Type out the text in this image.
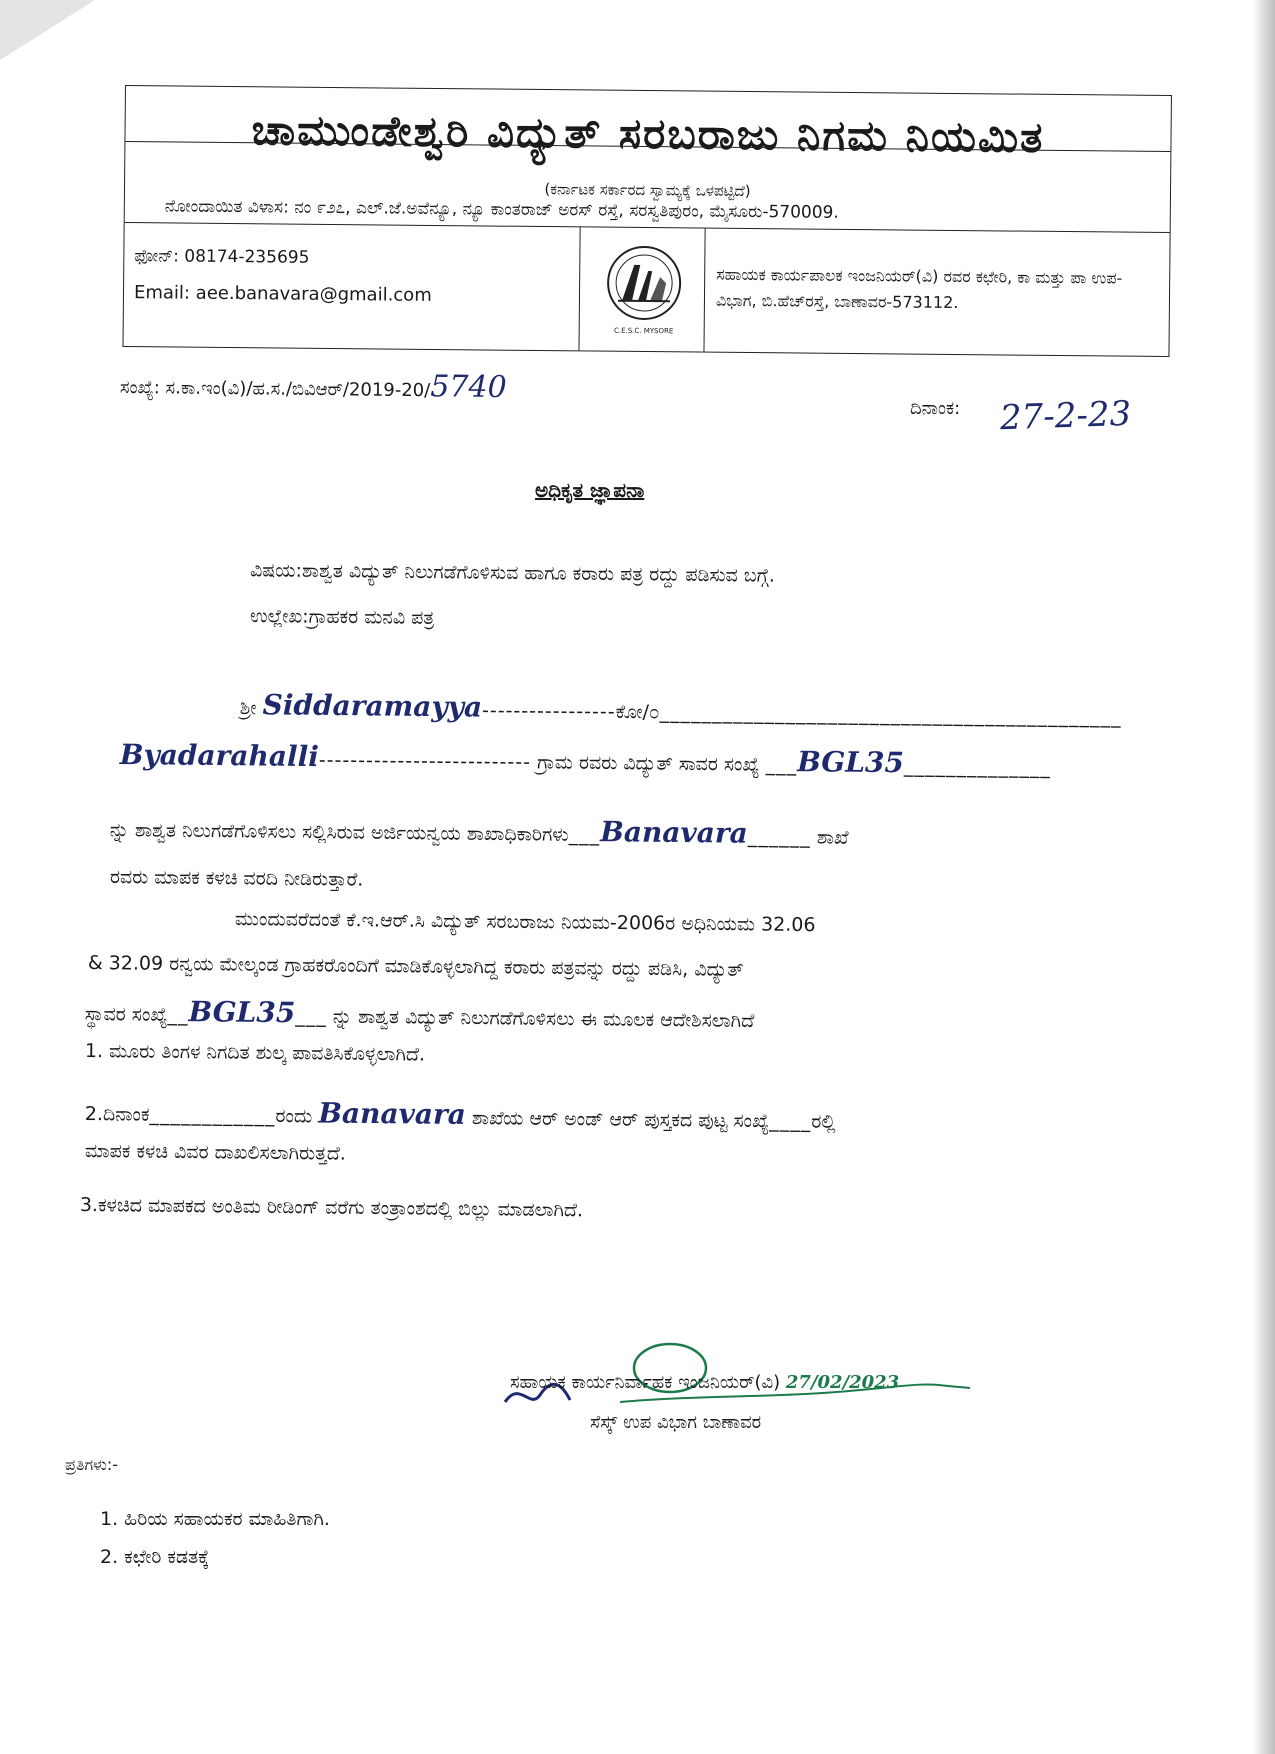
ಚಾಮುಂಡೇಶ್ವರಿ ವಿದ್ಯುತ್ ಸರಬರಾಜು ನಿಗಮ ನಿಯಮಿತ
(ಕರ್ನಾಟಕ ಸರ್ಕಾರದ ಸ್ವಾಮ್ಯಕ್ಕೆ ಒಳಪಟ್ಟಿದೆ)
ನೋಂದಾಯಿತ ವಿಳಾಸ: ನಂ ೯೨೭, ಎಲ್.ಜೆ.ಅವೆನ್ಯೂ, ನ್ಯೂ ಕಾಂತರಾಜ್ ಅರಸ್ ರಸ್ತೆ, ಸರಸ್ವತಿಪುರಂ, ಮೈಸೂರು-570009.
ಫೋನ್: 08174-235695
Email: aee.banavara@gmail.com
C.E.S.C. MYSORE
ಸಹಾಯಕ ಕಾರ್ಯಪಾಲಕ ಇಂಜನಿಯರ್(ವಿ) ರವರ ಕಛೇರಿ, ಕಾ ಮತ್ತು ಪಾ ಉಪ-ವಿಭಾಗ, ಬಿ.ಹೆಚ್‌ರಸ್ತೆ, ಬಾಣಾವರ-573112.
ಸಂಖ್ಯೆ: ಸ.ಕಾ.ಇಂ(ವಿ)/ಹ.ಸ./ಬಿವಿಆರ್/2019-20/5740
ದಿನಾಂಕ: 27-2-23
ಅಧಿಕೃತ ಜ್ಞಾಪನಾ
ವಿಷಯ:ಶಾಶ್ವತ ವಿದ್ಯುತ್ ನಿಲುಗಡೆಗೊಳಿಸುವ ಹಾಗೂ ಕರಾರು ಪತ್ರ ರದ್ದು ಪಡಿಸುವ ಬಗ್ಗೆ.
ಉಲ್ಲೇಖ:ಗ್ರಾಹಕರ ಮನವಿ ಪತ್ರ
ಶ್ರೀ Siddaramayya-----------------ಕೋ/೦____________________________________________
Byadarahalli--------------------------- ಗ್ರಾಮ ರವರು ವಿದ್ಯುತ್ ಸಾವರ ಸಂಖ್ಯೆ ___BGL35______________
ನ್ನು ಶಾಶ್ವತ ನಿಲುಗಡೆಗೊಳಿಸಲು ಸಲ್ಲಿಸಿರುವ ಅರ್ಜಿಯನ್ವಯ ಶಾಖಾಧಿಕಾರಿಗಳು___Banavara______ ಶಾಖೆ
ರವರು ಮಾಪಕ ಕಳಚಿ ವರದಿ ನೀಡಿರುತ್ತಾರೆ.
ಮುಂದುವರೆದಂತೆ ಕೆ.ಇ.ಆರ್.ಸಿ ವಿದ್ಯುತ್ ಸರಬರಾಜು ನಿಯಮ-2006ರ ಅಧಿನಿಯಮ 32.06
& 32.09 ರನ್ವಯ ಮೇಲ್ಕಂಡ ಗ್ರಾಹಕರೊಂದಿಗೆ ಮಾಡಿಕೊಳ್ಳಲಾಗಿದ್ದ ಕರಾರು ಪತ್ರವನ್ನು ರದ್ದು ಪಡಿಸಿ, ವಿದ್ಯುತ್
ಸ್ಥಾವರ ಸಂಖ್ಯೆ__BGL35___ ನ್ನು ಶಾಶ್ವತ ವಿದ್ಯುತ್ ನಿಲುಗಡೆಗೊಳಿಸಲು ಈ ಮೂಲಕ ಆದೇಶಿಸಲಾಗಿದೆ
1. ಮೂರು ತಿಂಗಳ ನಿಗದಿತ ಶುಲ್ಕ ಪಾವತಿಸಿಕೊಳ್ಳಲಾಗಿದೆ.
2.ದಿನಾಂಕ____________ರಂದು Banavara ಶಾಖೆಯ ಆರ್ ಅಂಡ್ ಆರ್ ಪುಸ್ತಕದ ಪುಟ್ಟ ಸಂಖ್ಯೆ____ರಲ್ಲಿ
ಮಾಪಕ ಕಳಚಿ ವಿವರ ದಾಖಲಿಸಲಾಗಿರುತ್ತದೆ.
3.ಕಳಚಿದ ಮಾಪಕದ ಅಂತಿಮ ರೀಡಿಂಗ್ ವರೆಗು ತಂತ್ರಾಂಶದಲ್ಲಿ ಬಿಲ್ಲು ಮಾಡಲಾಗಿದೆ.
ಸಹಾಯಕ ಕಾರ್ಯನಿರ್ವಾಹಕ ಇಂಜನಿಯರ್(ವಿ) 27/02/2023
ಸೆಸ್ಕ್ ಉಪ ವಿಭಾಗ ಬಾಣಾವರ
ಪ್ರತಿಗಳು:-
1. ಹಿರಿಯ ಸಹಾಯಕರ ಮಾಹಿತಿಗಾಗಿ.
2. ಕಛೇರಿ ಕಡತಕ್ಕೆ
